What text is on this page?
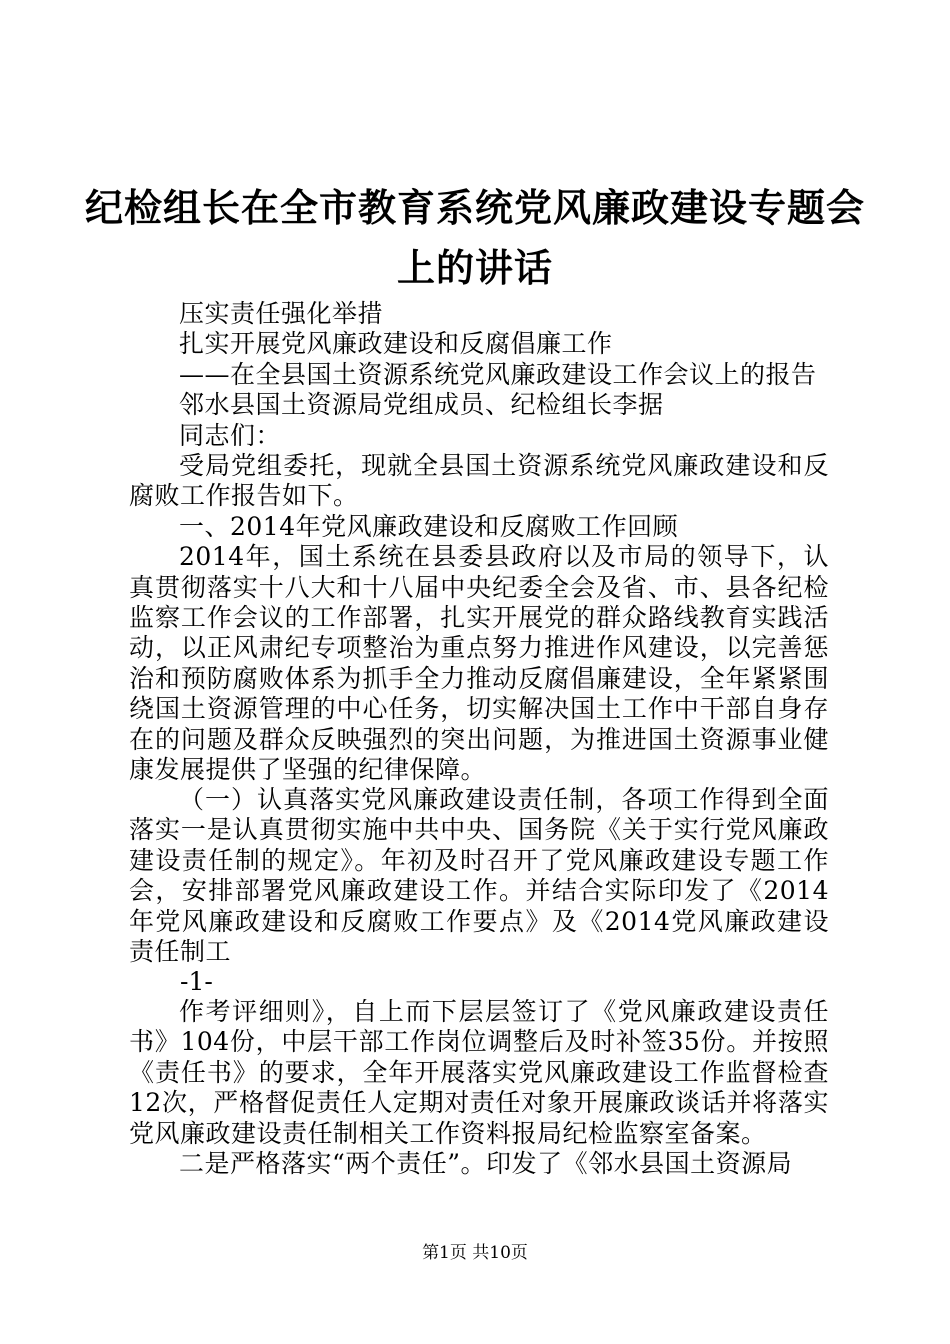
纪检组长在全市教育系统党风廉政建设专题会
上的讲话

压实责任强化举措

扎实开展党风廉政建设和反腐倡廉工作

——在全县国土资源系统党风廉政建设工作会议上的报告

邻水县国土资源局党组成员、纪检组长李据

同志们：

受局党组委托，现就全县国土资源系统党风廉政建设和反腐败工作报告如下。

一、2014年党风廉政建设和反腐败工作回顾

2014年，国土系统在县委县政府以及市局的领导下，认真贯彻落实十八大和十八届中央纪委全会及省、市、县各纪检监察工作会议的工作部署，扎实开展党的群众路线教育实践活动，以正风肃纪专项整治为重点努力推进作风建设，以完善惩治和预防腐败体系为抓手全力推动反腐倡廉建设，全年紧紧围绕国土资源管理的中心任务，切实解决国土工作中干部自身存在的问题及群众反映强烈的突出问题，为推进国土资源事业健康发展提供了坚强的纪律保障。

（一）认真落实党风廉政建设责任制，各项工作得到全面落实一是认真贯彻实施中共中央、国务院《关于实行党风廉政建设责任制的规定》。年初及时召开了党风廉政建设专题工作会，安排部署党风廉政建设工作。并结合实际印发了《2014年党风廉政建设和反腐败工作要点》及《2014党风廉政建设责任制工

-1-

作考评细则》，自上而下层层签订了《党风廉政建设责任书》104份，中层干部工作岗位调整后及时补签35份。并按照《责任书》的要求，全年开展落实党风廉政建设工作监督检查12次，严格督促责任人定期对责任对象开展廉政谈话并将落实党风廉政建设责任制相关工作资料报局纪检监察室备案。

二是严格落实“两个责任”。印发了《邻水县国土资源局

第1页 共10页
